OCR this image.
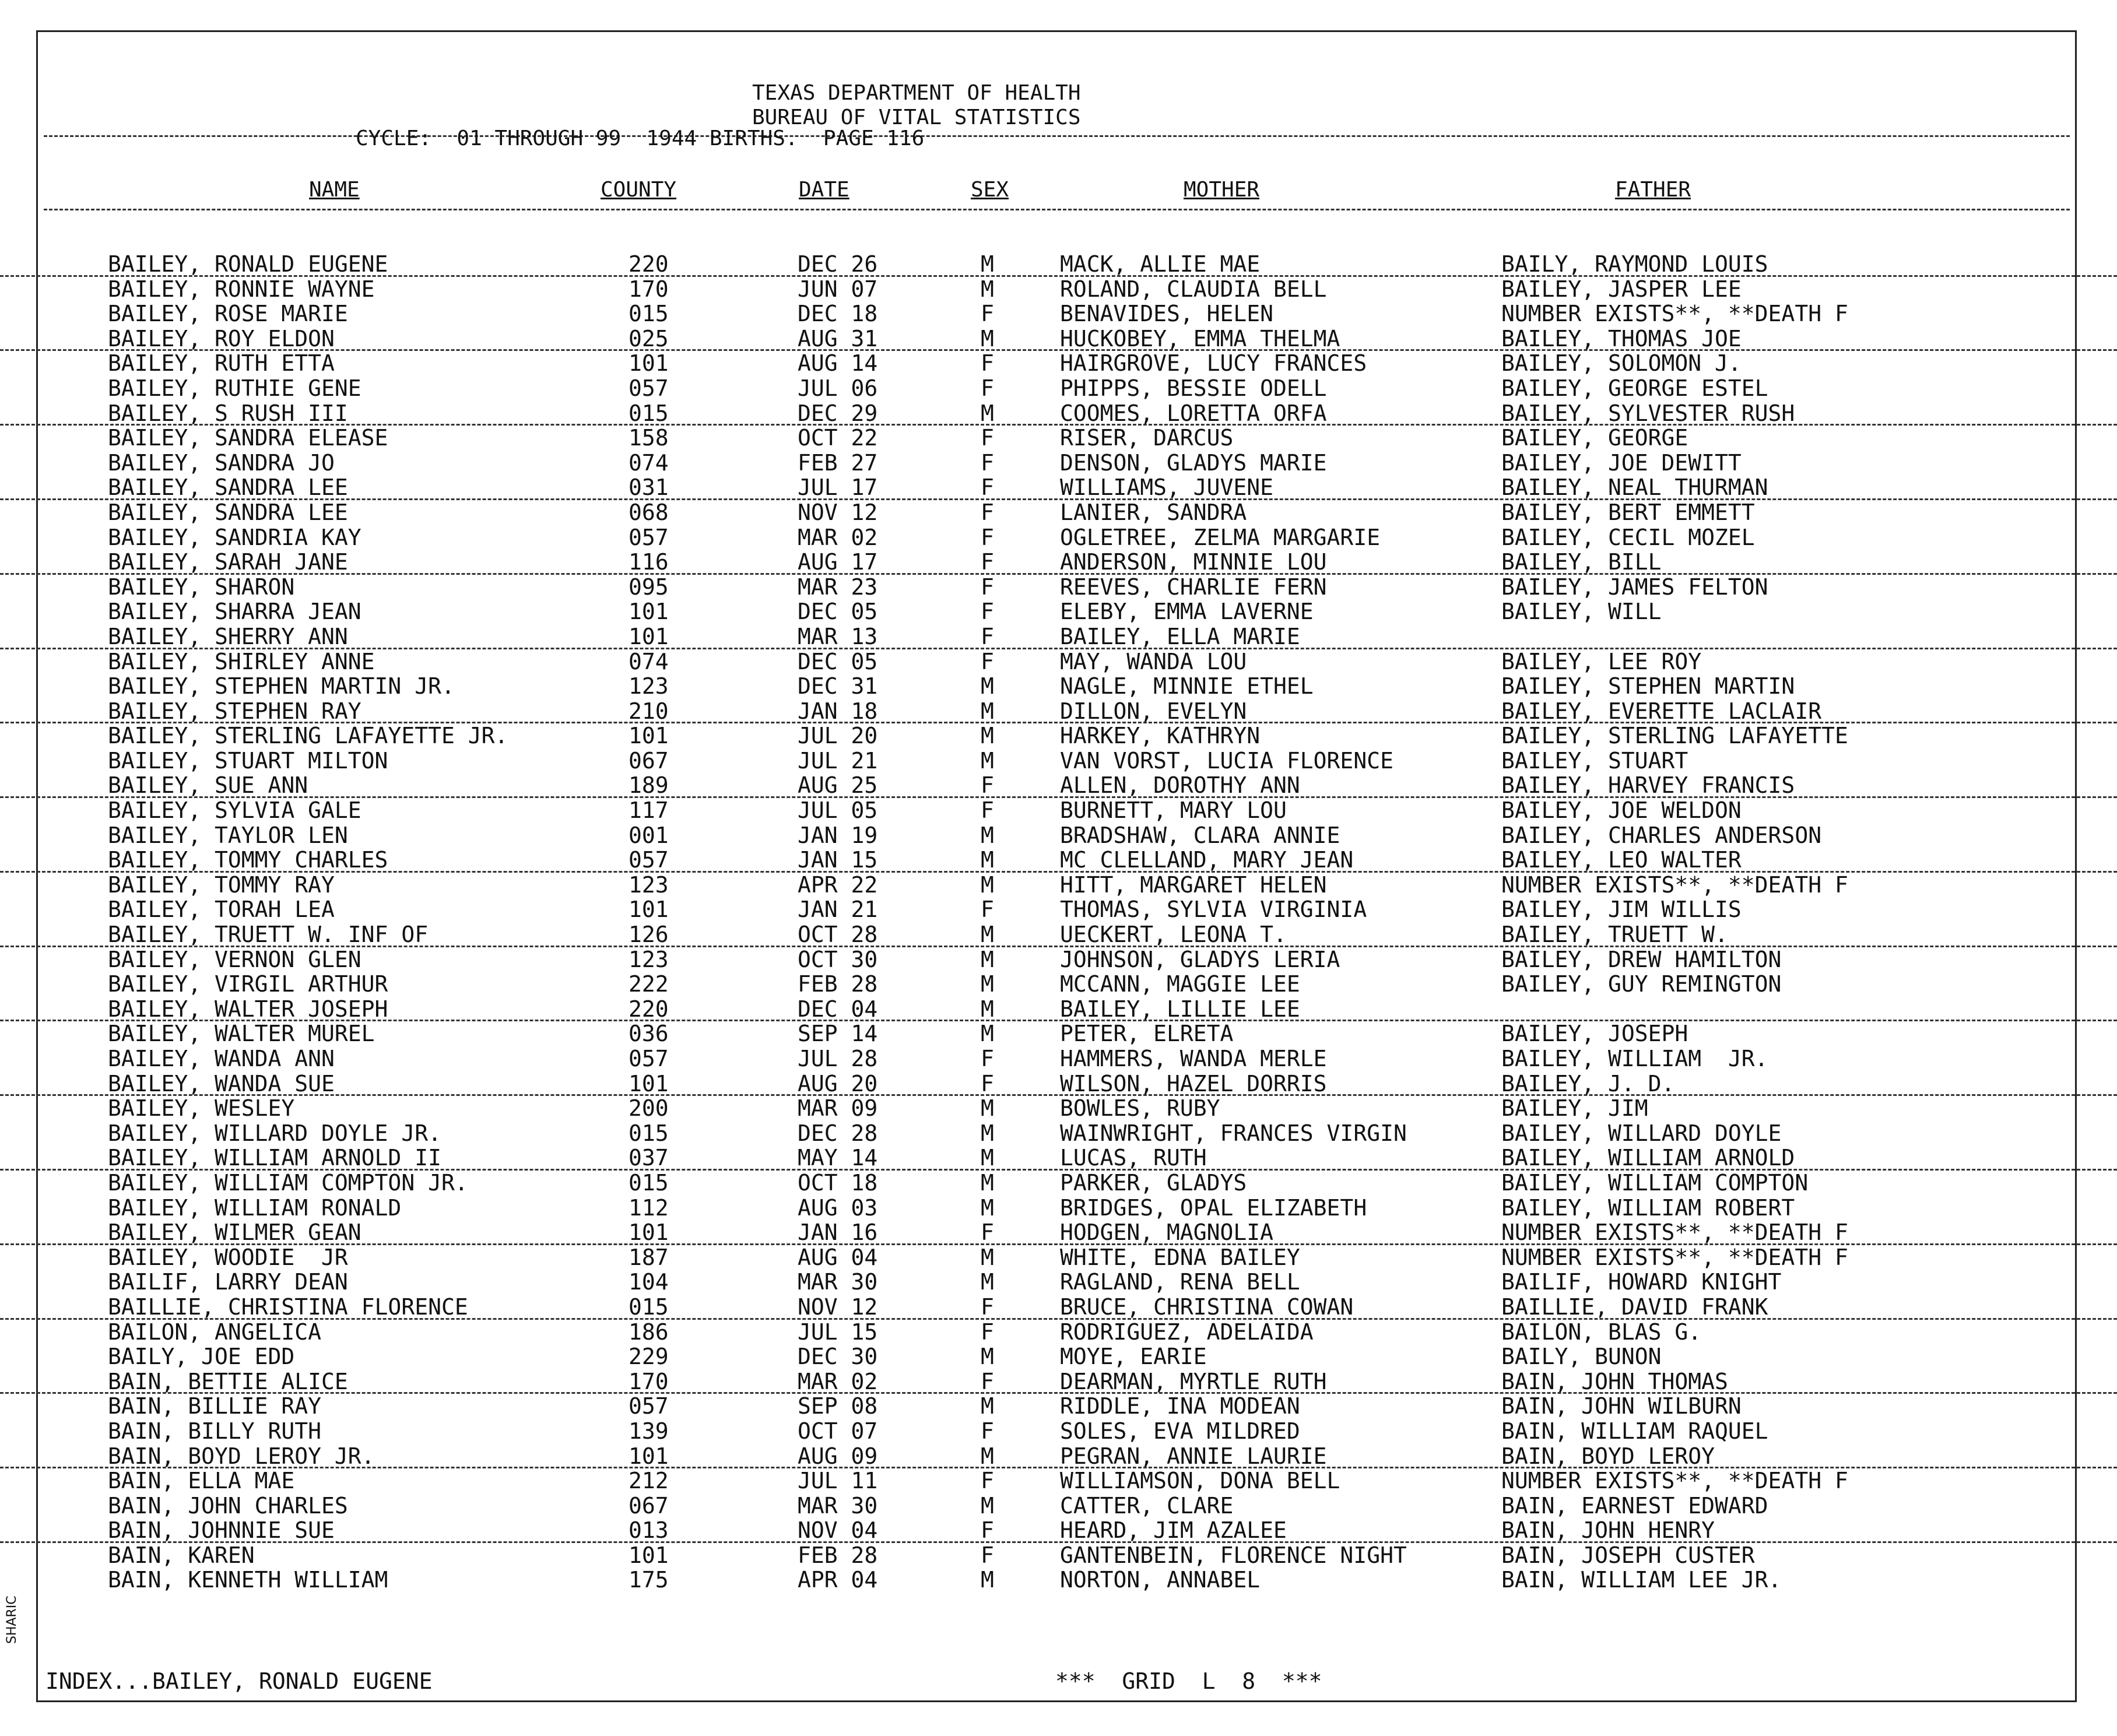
TEXAS DEPARTMENT OF HEALTH
BUREAU OF VITAL STATISTICS
CYCLE:  01 THROUGH 99  1944 BIRTHS.  PAGE 116
NAME	COUNTY	DATE	SEX	MOTHER	FATHER
BAILEY, RONALD EUGENE	220	DEC 26	M	MACK, ALLIE MAE	BAILY, RAYMOND LOUIS
BAILEY, RONNIE WAYNE	170	JUN 07	M	ROLAND, CLAUDIA BELL	BAILEY, JASPER LEE
BAILEY, ROSE MARIE	015	DEC 18	F	BENAVIDES, HELEN	NUMBER EXISTS**, **DEATH F
BAILEY, ROY ELDON	025	AUG 31	M	HUCKOBEY, EMMA THELMA	BAILEY, THOMAS JOE
BAILEY, RUTH ETTA	101	AUG 14	F	HAIRGROVE, LUCY FRANCES	BAILEY, SOLOMON J.
BAILEY, RUTHIE GENE	057	JUL 06	F	PHIPPS, BESSIE ODELL	BAILEY, GEORGE ESTEL
BAILEY, S RUSH III	015	DEC 29	M	COOMES, LORETTA ORFA	BAILEY, SYLVESTER RUSH
BAILEY, SANDRA ELEASE	158	OCT 22	F	RISER, DARCUS	BAILEY, GEORGE
BAILEY, SANDRA JO	074	FEB 27	F	DENSON, GLADYS MARIE	BAILEY, JOE DEWITT
BAILEY, SANDRA LEE	031	JUL 17	F	WILLIAMS, JUVENE	BAILEY, NEAL THURMAN
BAILEY, SANDRA LEE	068	NOV 12	F	LANIER, SANDRA	BAILEY, BERT EMMETT
BAILEY, SANDRIA KAY	057	MAR 02	F	OGLETREE, ZELMA MARGARIE	BAILEY, CECIL MOZEL
BAILEY, SARAH JANE	116	AUG 17	F	ANDERSON, MINNIE LOU	BAILEY, BILL
BAILEY, SHARON	095	MAR 23	F	REEVES, CHARLIE FERN	BAILEY, JAMES FELTON
BAILEY, SHARRA JEAN	101	DEC 05	F	ELEBY, EMMA LAVERNE	BAILEY, WILL
BAILEY, SHERRY ANN	101	MAR 13	F	BAILEY, ELLA MARIE
BAILEY, SHIRLEY ANNE	074	DEC 05	F	MAY, WANDA LOU	BAILEY, LEE ROY
BAILEY, STEPHEN MARTIN JR.	123	DEC 31	M	NAGLE, MINNIE ETHEL	BAILEY, STEPHEN MARTIN
BAILEY, STEPHEN RAY	210	JAN 18	M	DILLON, EVELYN	BAILEY, EVERETTE LACLAIR
BAILEY, STERLING LAFAYETTE JR.	101	JUL 20	M	HARKEY, KATHRYN	BAILEY, STERLING LAFAYETTE
BAILEY, STUART MILTON	067	JUL 21	M	VAN VORST, LUCIA FLORENCE	BAILEY, STUART
BAILEY, SUE ANN	189	AUG 25	F	ALLEN, DOROTHY ANN	BAILEY, HARVEY FRANCIS
BAILEY, SYLVIA GALE	117	JUL 05	F	BURNETT, MARY LOU	BAILEY, JOE WELDON
BAILEY, TAYLOR LEN	001	JAN 19	M	BRADSHAW, CLARA ANNIE	BAILEY, CHARLES ANDERSON
BAILEY, TOMMY CHARLES	057	JAN 15	M	MC CLELLAND, MARY JEAN	BAILEY, LEO WALTER
BAILEY, TOMMY RAY	123	APR 22	M	HITT, MARGARET HELEN	NUMBER EXISTS**, **DEATH F
BAILEY, TORAH LEA	101	JAN 21	F	THOMAS, SYLVIA VIRGINIA	BAILEY, JIM WILLIS
BAILEY, TRUETT W. INF OF	126	OCT 28	M	UECKERT, LEONA T.	BAILEY, TRUETT W.
BAILEY, VERNON GLEN	123	OCT 30	M	JOHNSON, GLADYS LERIA	BAILEY, DREW HAMILTON
BAILEY, VIRGIL ARTHUR	222	FEB 28	M	MCCANN, MAGGIE LEE	BAILEY, GUY REMINGTON
BAILEY, WALTER JOSEPH	220	DEC 04	M	BAILEY, LILLIE LEE
BAILEY, WALTER MUREL	036	SEP 14	M	PETER, ELRETA	BAILEY, JOSEPH
BAILEY, WANDA ANN	057	JUL 28	F	HAMMERS, WANDA MERLE	BAILEY, WILLIAM  JR.
BAILEY, WANDA SUE	101	AUG 20	F	WILSON, HAZEL DORRIS	BAILEY, J. D.
BAILEY, WESLEY	200	MAR 09	M	BOWLES, RUBY	BAILEY, JIM
BAILEY, WILLARD DOYLE JR.	015	DEC 28	M	WAINWRIGHT, FRANCES VIRGIN	BAILEY, WILLARD DOYLE
BAILEY, WILLIAM ARNOLD II	037	MAY 14	M	LUCAS, RUTH	BAILEY, WILLIAM ARNOLD
BAILEY, WILLIAM COMPTON JR.	015	OCT 18	M	PARKER, GLADYS	BAILEY, WILLIAM COMPTON
BAILEY, WILLIAM RONALD	112	AUG 03	M	BRIDGES, OPAL ELIZABETH	BAILEY, WILLIAM ROBERT
BAILEY, WILMER GEAN	101	JAN 16	F	HODGEN, MAGNOLIA	NUMBER EXISTS**, **DEATH F
BAILEY, WOODIE  JR	187	AUG 04	M	WHITE, EDNA BAILEY	NUMBER EXISTS**, **DEATH F
BAILIF, LARRY DEAN	104	MAR 30	M	RAGLAND, RENA BELL	BAILIF, HOWARD KNIGHT
BAILLIE, CHRISTINA FLORENCE	015	NOV 12	F	BRUCE, CHRISTINA COWAN	BAILLIE, DAVID FRANK
BAILON, ANGELICA	186	JUL 15	F	RODRIGUEZ, ADELAIDA	BAILON, BLAS G.
BAILY, JOE EDD	229	DEC 30	M	MOYE, EARIE	BAILY, BUNON
BAIN, BETTIE ALICE	170	MAR 02	F	DEARMAN, MYRTLE RUTH	BAIN, JOHN THOMAS
BAIN, BILLIE RAY	057	SEP 08	M	RIDDLE, INA MODEAN	BAIN, JOHN WILBURN
BAIN, BILLY RUTH	139	OCT 07	F	SOLES, EVA MILDRED	BAIN, WILLIAM RAQUEL
BAIN, BOYD LEROY JR.	101	AUG 09	M	PEGRAN, ANNIE LAURIE	BAIN, BOYD LEROY
BAIN, ELLA MAE	212	JUL 11	F	WILLIAMSON, DONA BELL	NUMBER EXISTS**, **DEATH F
BAIN, JOHN CHARLES	067	MAR 30	M	CATTER, CLARE	BAIN, EARNEST EDWARD
BAIN, JOHNNIE SUE	013	NOV 04	F	HEARD, JIM AZALEE	BAIN, JOHN HENRY
BAIN, KAREN	101	FEB 28	F	GANTENBEIN, FLORENCE NIGHT	BAIN, JOSEPH CUSTER
BAIN, KENNETH WILLIAM	175	APR 04	M	NORTON, ANNABEL	BAIN, WILLIAM LEE JR.
INDEX...BAILEY, RONALD EUGENE	***  GRID  L  8  ***
SHARIC
